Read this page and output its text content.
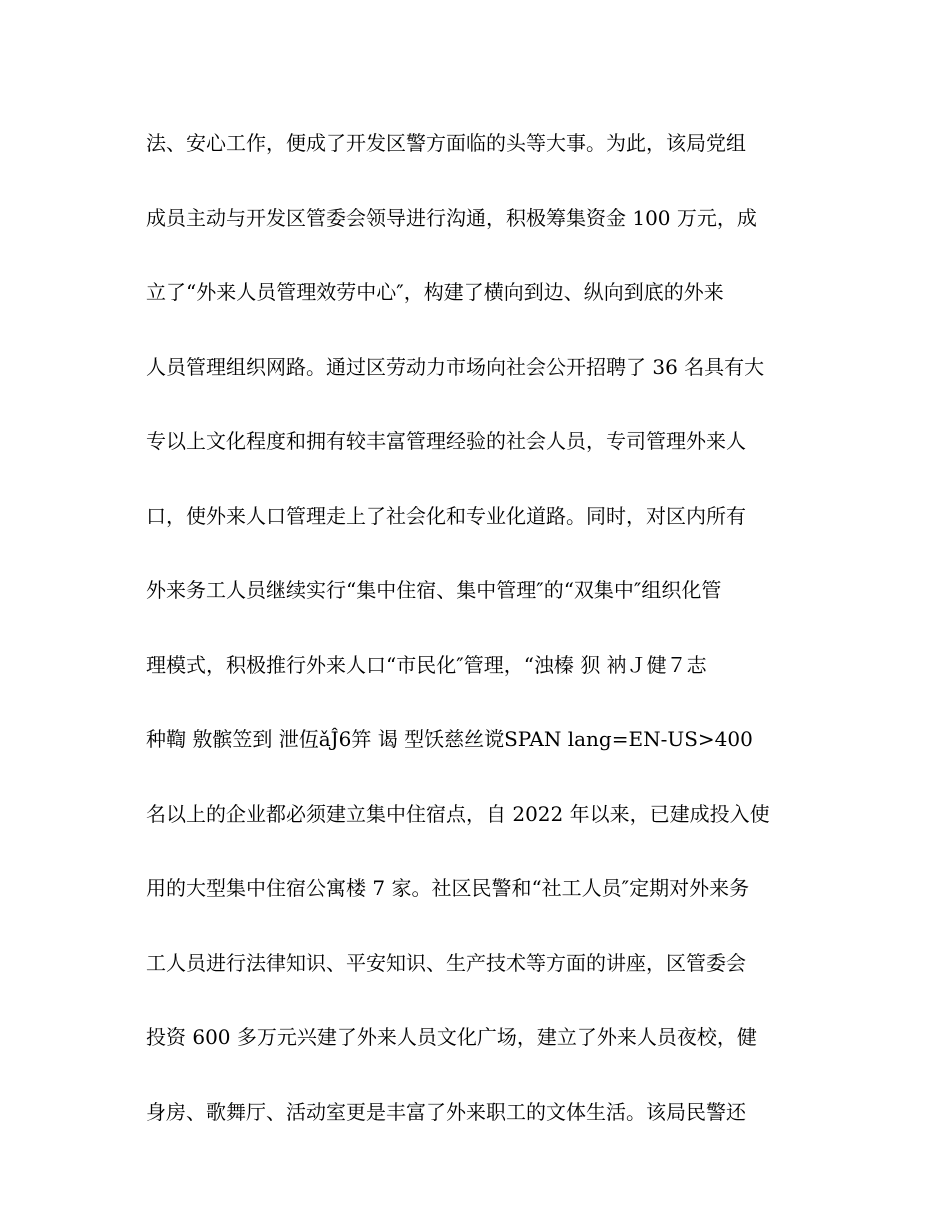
法、安心工作，便成了开发区警方面临的头等大事。为此，该局党组
成员主动与开发区管委会领导进行沟通，积极筹集资金 100 万元，成
立了“外来人员管理效劳中心″，构建了横向到边、纵向到底的外来
人员管理组织网路。通过区劳动力市场向社会公开招聘了 36 名具有大
专以上文化程度和拥有较丰富管理经验的社会人员，专司管理外来人
口，使外来人口管理走上了社会化和专业化道路。同时，对区内所有
外来务工人员继续实行“集中住宿、集中管理″的“双集中″组织化管
理模式，积极推行外来人口“市民化″管理，“浊榛 狈 衲Ｊ健７志
种鞫 敫髌笠到 泄仾ǎĴ6笄 谒 型饫慈丝谠SPAN lang=EN-US>400
名以上的企业都必须建立集中住宿点，自 2022 年以来，已建成投入使
用的大型集中住宿公寓楼 7 家。社区民警和“社工人员″定期对外来务
工人员进行法律知识、平安知识、生产技术等方面的讲座，区管委会
投资 600 多万元兴建了外来人员文化广场，建立了外来人员夜校，健
身房、歌舞厅、活动室更是丰富了外来职工的文体生活。该局民警还
